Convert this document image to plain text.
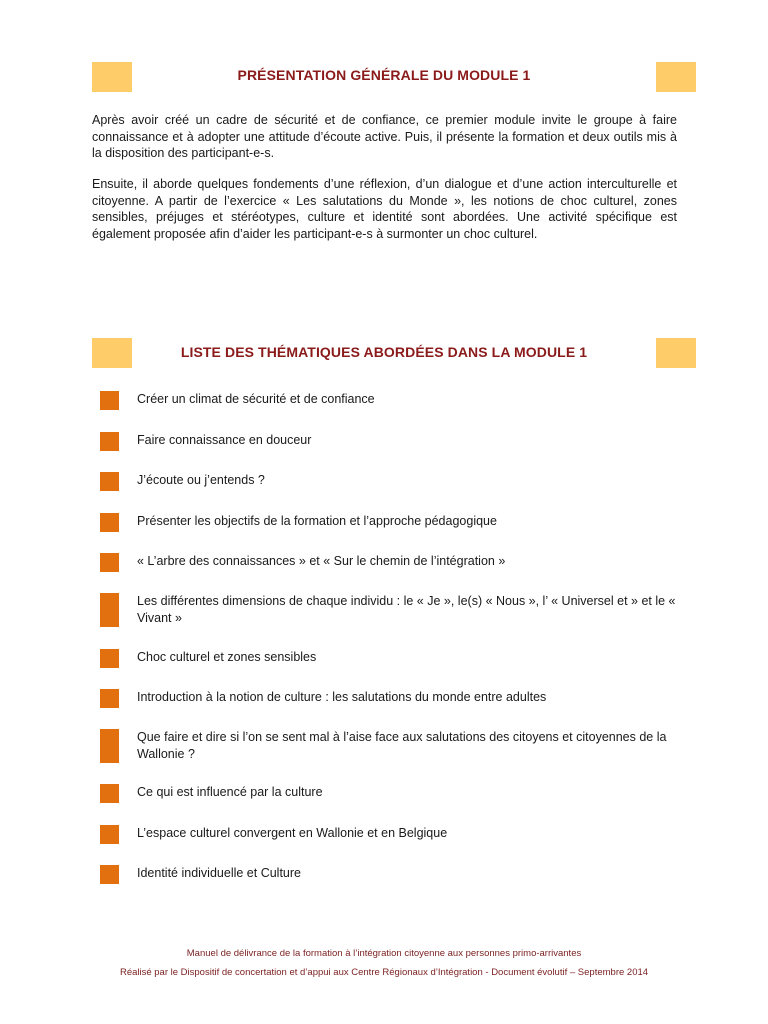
PRÉSENTATION GÉNÉRALE DU MODULE 1

Après avoir créé un cadre de sécurité et de confiance, ce premier module invite le groupe à faire connaissance et à adopter une attitude d’écoute active. Puis, il présente la formation et deux outils mis à la disposition des participant-e-s.

Ensuite, il aborde quelques fondements d’une réflexion, d’un dialogue et d’une action interculturelle et citoyenne. A partir de l’exercice « Les salutations du Monde », les notions de choc culturel, zones sensibles, préjuges et stéréotypes, culture et identité sont abordées. Une activité spécifique est également proposée afin d’aider les participant-e-s à surmonter un choc culturel.

LISTE DES THÉMATIQUES ABORDÉES DANS LA MODULE 1
Créer un climat de sécurité et de confiance
Faire connaissance en douceur
J’écoute ou j’entends ?
Présenter les objectifs de la formation et l’approche pédagogique
« L’arbre des connaissances » et « Sur le chemin de l’intégration »
Les différentes dimensions de chaque individu : le « Je », le(s) « Nous », l’ « Universel et » et le « Vivant »
Choc culturel et zones sensibles
Introduction à la notion de culture : les salutations du monde entre adultes
Que faire et dire si l’on se sent mal à l’aise face aux salutations des citoyens et citoyennes de la Wallonie ?
Ce qui est influencé par la culture
L’espace culturel convergent en Wallonie et en Belgique
Identité individuelle et Culture
Manuel de délivrance de la formation à l’intégration citoyenne aux personnes primo-arrivantes
Réalisé par le Dispositif de concertation et d’appui aux Centre Régionaux d’Intégration - Document évolutif – Septembre 2014
